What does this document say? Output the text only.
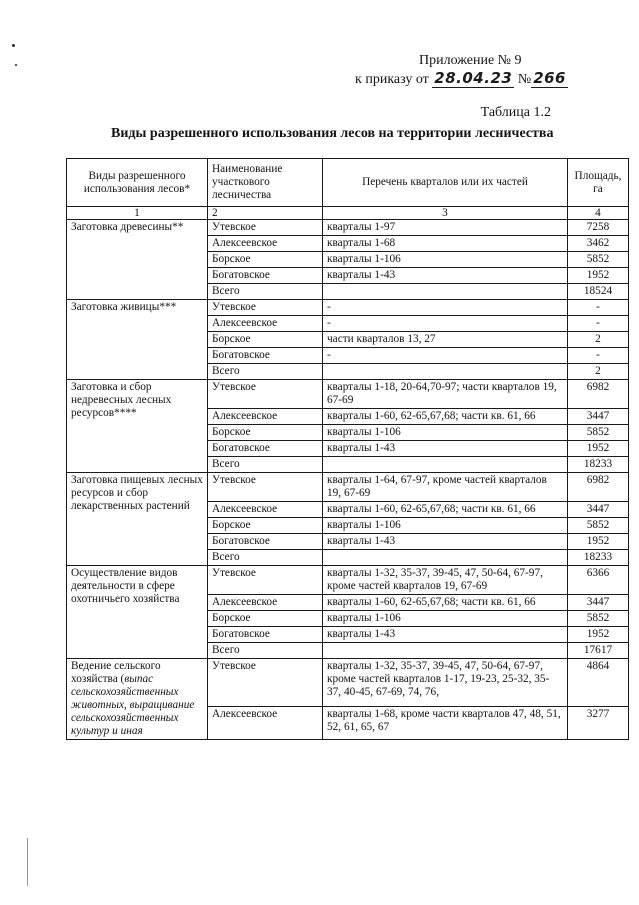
Приложение № 9
к приказу от 28.04.23 № 266
Таблица 1.2
Виды разрешенного использования лесов на территории лесничества
Виды разрешенного использования лесов*	Наименование участкового лесничества	Перечень кварталов или их частей	Площадь, га
1	2	3	4
Заготовка древесины**	Утевское	кварталы 1-97	7258
	Алексеевское	кварталы 1-68	3462
	Борское	кварталы 1-106	5852
	Богатовское	кварталы 1-43	1952
	Всего		18524
Заготовка живицы***	Утевское	-	-
	Алексеевское	-	-
	Борское	части кварталов 13, 27	2
	Богатовское	-	-
	Всего		2
Заготовка и сбор недревесных лесных ресурсов****	Утевское	кварталы 1-18, 20-64,70-97; части кварталов 19, 67-69	6982
	Алексеевское	кварталы 1-60, 62-65,67,68; части кв. 61, 66	3447
	Борское	кварталы 1-106	5852
	Богатовское	кварталы 1-43	1952
	Всего		18233
Заготовка пищевых лесных ресурсов и сбор лекарственных растений	Утевское	кварталы 1-64, 67-97, кроме частей кварталов 19, 67-69	6982
	Алексеевское	кварталы 1-60, 62-65,67,68; части кв. 61, 66	3447
	Борское	кварталы 1-106	5852
	Богатовское	кварталы 1-43	1952
	Всего		18233
Осуществление видов деятельности в сфере охотничьего хозяйства	Утевское	кварталы 1-32, 35-37, 39-45, 47, 50-64, 67-97, кроме частей кварталов 19, 67-69	6366
	Алексеевское	кварталы 1-60, 62-65,67,68; части кв. 61, 66	3447
	Борское	кварталы 1-106	5852
	Богатовское	кварталы 1-43	1952
	Всего		17617
Ведение сельского хозяйства (выпас сельскохозяйственных животных, выращивание сельскохозяйственных культур и иная	Утевское	кварталы 1-32, 35-37, 39-45, 47, 50-64, 67-97, кроме частей кварталов 1-17, 19-23, 25-32, 35-37, 40-45, 67-69, 74, 76,	4864
	Алексеевское	кварталы 1-68, кроме части кварталов 47, 48, 51, 52, 61, 65, 67	3277
